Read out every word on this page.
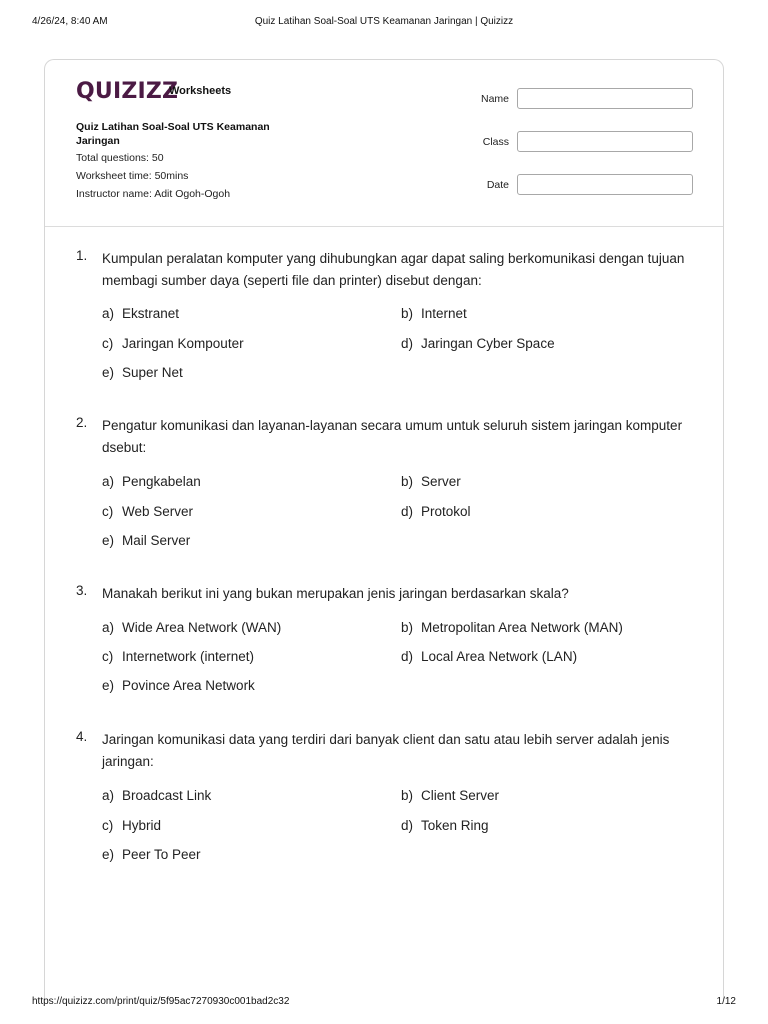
4/26/24, 8:40 AM	Quiz Latihan Soal-Soal UTS Keamanan Jaringan | Quizizz
QUIZIZZ
Worksheets
Quiz Latihan Soal-Soal UTS Keamanan Jaringan
Total questions: 50
Worksheet time: 50mins
Instructor name: Adit Ogoh-Ogoh
Name
Class
Date
1. Kumpulan peralatan komputer yang dihubungkan agar dapat saling berkomunikasi dengan tujuan membagi sumber daya (seperti file dan printer) disebut dengan:
a) Ekstranet	b) Internet
c) Jaringan Kompouter	d) Jaringan Cyber Space
e) Super Net
2. Pengatur komunikasi dan layanan-layanan secara umum untuk seluruh sistem jaringan komputer dsebut:
a) Pengkabelan	b) Server
c) Web Server	d) Protokol
e) Mail Server
3. Manakah berikut ini yang bukan merupakan jenis jaringan berdasarkan skala?
a) Wide Area Network (WAN)	b) Metropolitan Area Network (MAN)
c) Internetwork (internet)	d) Local Area Network (LAN)
e) Povince Area Network
4. Jaringan komunikasi data yang terdiri dari banyak client dan satu atau lebih server adalah jenis jaringan:
a) Broadcast Link	b) Client Server
c) Hybrid	d) Token Ring
e) Peer To Peer
https://quizizz.com/print/quiz/5f95ac7270930c001bad2c32	1/12
